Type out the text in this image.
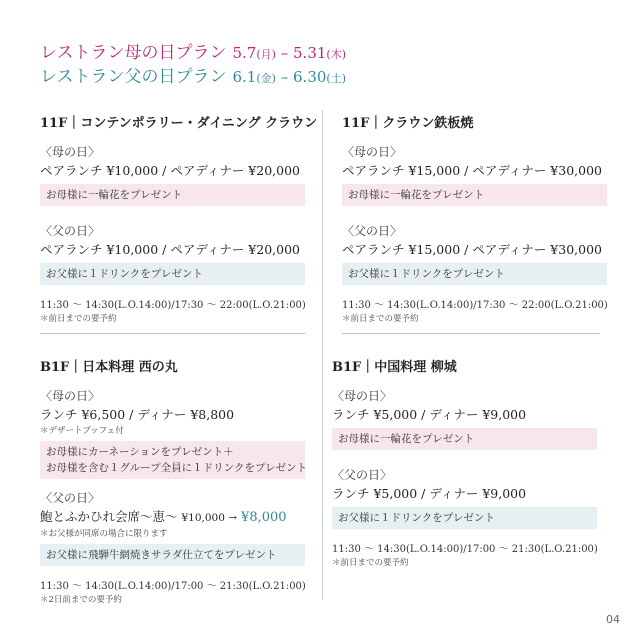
レストラン母の日プラン 5.7(月) – 5.31(木)
レストラン父の日プラン 6.1(金) – 6.30(土)
11F｜コンテンポラリー・ダイニング クラウン
〈母の日〉
ペアランチ ¥10,000 / ペアディナー ¥20,000
お母様に一輪花をプレゼント
〈父の日〉
ペアランチ ¥10,000 / ペアディナー ¥20,000
お父様に１ドリンクをプレゼント
11:30 〜 14:30(L.O.14:00)/17:30 〜 22:00(L.O.21:00)
＊前日までの要予約
11F｜クラウン鉄板焼
〈母の日〉
ペアランチ ¥15,000 / ペアディナー ¥30,000
お母様に一輪花をプレゼント
〈父の日〉
ペアランチ ¥15,000 / ペアディナー ¥30,000
お父様に１ドリンクをプレゼント
11:30 〜 14:30(L.O.14:00)/17:30 〜 22:00(L.O.21:00)
＊前日までの要予約
B1F｜日本料理 西の丸
〈母の日〉
ランチ ¥6,500 / ディナー ¥8,800
＊デザートブッフェ付
お母様にカーネーションをプレゼント＋
お母様を含む１グループ全員に１ドリンクをプレゼント
〈父の日〉
鮑とふかひれ会席〜恵〜 ¥10,000 → ¥8,000
＊お父様が同席の場合に限ります
お父様に飛騨牛網焼きサラダ仕立てをプレゼント
11:30 〜 14:30(L.O.14:00)/17:00 〜 21:30(L.O.21:00)
＊2日前までの要予約
B1F｜中国料理 柳城
〈母の日〉
ランチ ¥5,000 / ディナー ¥9,000
お母様に一輪花をプレゼント
〈父の日〉
ランチ ¥5,000 / ディナー ¥9,000
お父様に１ドリンクをプレゼント
11:30 〜 14:30(L.O.14:00)/17:00 〜 21:30(L.O.21:00)
＊前日までの要予約
04
